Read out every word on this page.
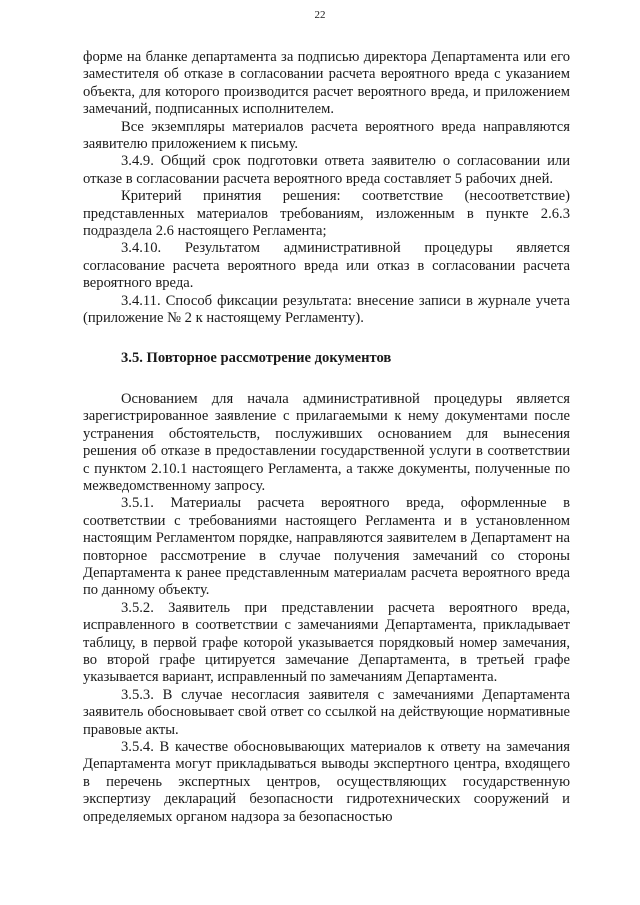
22

форме на бланке департамента за подписью директора Департамента или его заместителя об отказе в согласовании расчета вероятного вреда с указанием объекта, для которого производится расчет вероятного вреда, и приложением замечаний, подписанных исполнителем.

Все экземпляры материалов расчета вероятного вреда направляются заявителю приложением к письму.

3.4.9. Общий срок подготовки ответа заявителю о согласовании или отказе в согласовании расчета вероятного вреда составляет 5 рабочих дней.

Критерий принятия решения: соответствие (несоответствие) представленных материалов требованиям, изложенным в пункте 2.6.3 подраздела 2.6 настоящего Регламента;

3.4.10. Результатом административной процедуры является согласование расчета вероятного вреда или отказ в согласовании расчета вероятного вреда.

3.4.11. Способ фиксации результата: внесение записи в журнале учета (приложение № 2 к настоящему Регламенту).

3.5. Повторное рассмотрение документов

Основанием для начала административной процедуры является зарегистрированное заявление с прилагаемыми к нему документами после устранения обстоятельств, послуживших основанием для вынесения решения об отказе в предоставлении государственной услуги в соответствии с пунктом 2.10.1 настоящего Регламента, а также документы, полученные по межведомственному запросу.

3.5.1. Материалы расчета вероятного вреда, оформленные в соответствии с требованиями настоящего Регламента и в установленном настоящим Регламентом порядке, направляются заявителем в Департамент на повторное рассмотрение в случае получения замечаний со стороны Департамента к ранее представленным материалам расчета вероятного вреда по данному объекту.

3.5.2. Заявитель при представлении расчета вероятного вреда, исправленного в соответствии с замечаниями Департамента, прикладывает таблицу, в первой графе которой указывается порядковый номер замечания, во второй графе цитируется замечание Департамента, в третьей графе указывается вариант, исправленный по замечаниям Департамента.

3.5.3. В случае несогласия заявителя с замечаниями Департамента заявитель обосновывает свой ответ со ссылкой на действующие нормативные правовые акты.

3.5.4. В качестве обосновывающих материалов к ответу на замечания Департамента могут прикладываться выводы экспертного центра, входящего в перечень экспертных центров, осуществляющих государственную экспертизу деклараций безопасности гидротехнических сооружений и определяемых органом надзора за безопасностью
